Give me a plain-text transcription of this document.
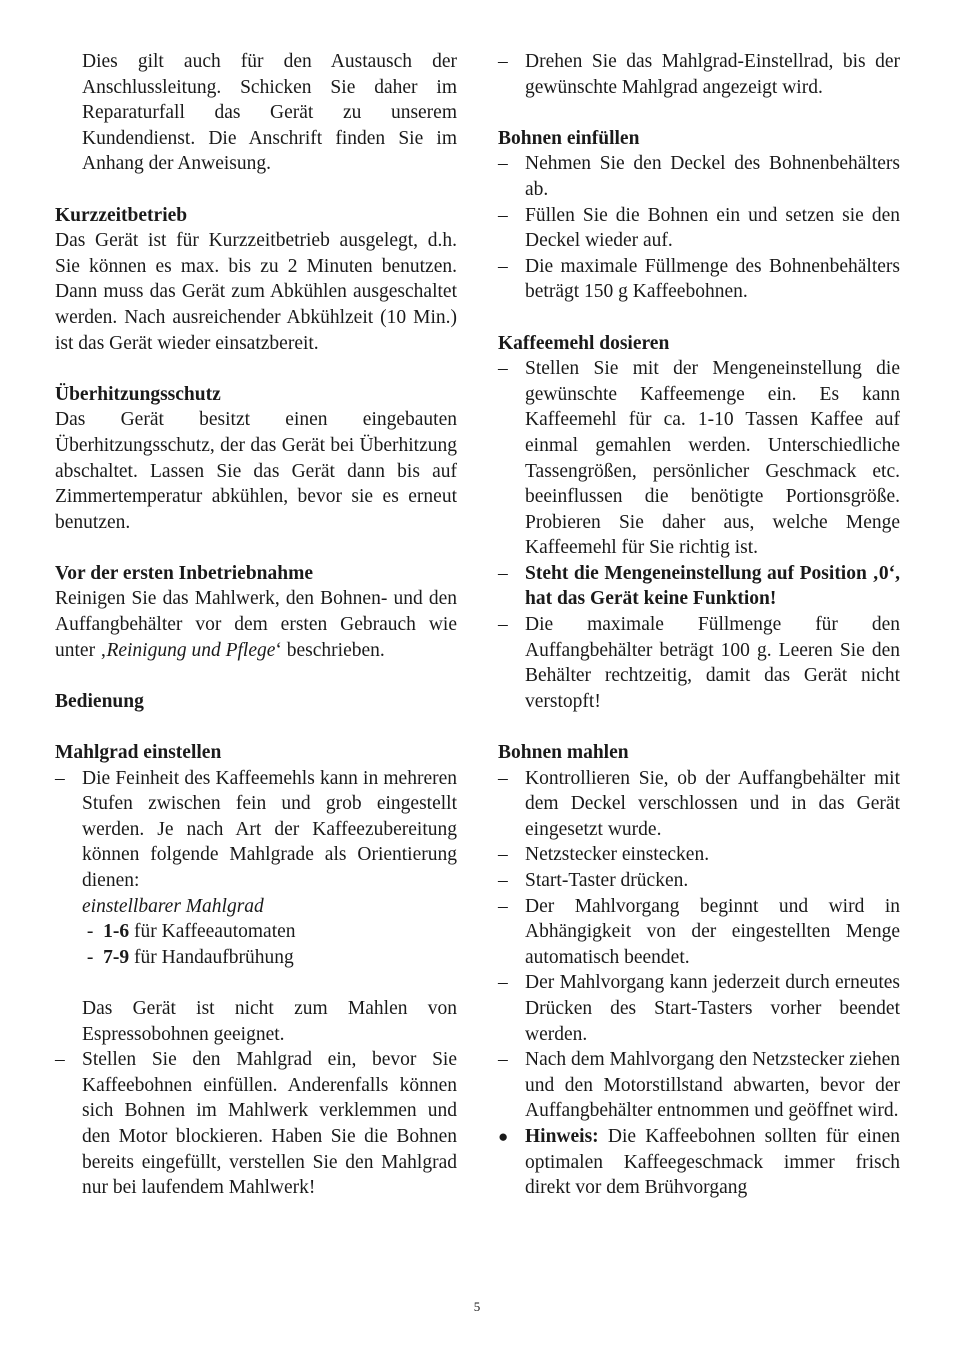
Dies gilt auch für den Austausch der Anschlussleitung. Schicken Sie daher im Reparaturfall das Gerät zu unserem Kundendienst. Die Anschrift finden Sie im Anhang der Anweisung.

Kurzzeitbetrieb

Das Gerät ist für Kurzzeitbetrieb ausgelegt, d.h. Sie können es max. bis zu 2 Minuten benutzen. Dann muss das Gerät zum Abkühlen ausgeschaltet werden. Nach ausreichender Abkühlzeit (10 Min.) ist das Gerät wieder einsatzbereit.

Überhitzungsschutz

Das Gerät besitzt einen eingebauten Überhitzungsschutz, der das Gerät bei Überhitzung abschaltet. Lassen Sie das Gerät dann bis auf Zimmertemperatur abkühlen, bevor sie es erneut benutzen.

Vor der ersten Inbetriebnahme

Reinigen Sie das Mahlwerk, den Bohnen- und den Auffangbehälter vor dem ersten Gebrauch wie unter ‚Reinigung und Pflege‘ beschrieben.

Bedienung
Mahlgrad einstellen
– Die Feinheit des Kaffeemehls kann in mehreren Stufen zwischen fein und grob eingestellt werden. Je nach Art der Kaffeezubereitung können folgende Mahlgrade als Orientierung dienen:
einstellbarer Mahlgrad
- 1-6 für Kaffeeautomaten
- 7-9 für Handaufbrühung
Das Gerät ist nicht zum Mahlen von Espressobohnen geeignet.
– Stellen Sie den Mahlgrad ein, bevor Sie Kaffeebohnen einfüllen. Anderenfalls können sich Bohnen im Mahlwerk verklemmen und den Motor blockieren. Haben Sie die Bohnen bereits eingefüllt, verstellen Sie den Mahlgrad nur bei laufendem Mahlwerk!
– Drehen Sie das Mahlgrad-Einstellrad, bis der gewünschte Mahlgrad angezeigt wird.
Bohnen einfüllen
– Nehmen Sie den Deckel des Bohnenbehälters ab.
– Füllen Sie die Bohnen ein und setzen sie den Deckel wieder auf.
– Die maximale Füllmenge des Bohnenbehälters beträgt 150 g Kaffeebohnen.
Kaffeemehl dosieren
– Stellen Sie mit der Mengeneinstellung die gewünschte Kaffeemenge ein. Es kann Kaffeemehl für ca. 1-10 Tassen Kaffee auf einmal gemahlen werden. Unterschiedliche Tassengrößen, persönlicher Geschmack etc. beeinflussen die benötigte Portionsgröße. Probieren Sie daher aus, welche Menge Kaffeemehl für Sie richtig ist.
– Steht die Mengeneinstellung auf Position ‚0‘, hat das Gerät keine Funktion!
– Die maximale Füllmenge für den Auffangbehälter beträgt 100 g. Leeren Sie den Behälter rechtzeitig, damit das Gerät nicht verstopft!
Bohnen mahlen
– Kontrollieren Sie, ob der Auffangbehälter mit dem Deckel verschlossen und in das Gerät eingesetzt wurde.
– Netzstecker einstecken.
– Start-Taster drücken.
– Der Mahlvorgang beginnt und wird in Abhängigkeit von der eingestellten Menge automatisch beendet.
– Der Mahlvorgang kann jederzeit durch erneutes Drücken des Start-Tasters vorher beendet werden.
– Nach dem Mahlvorgang den Netzstecker ziehen und den Motorstillstand abwarten, bevor der Auffangbehälter entnommen und geöffnet wird.
● Hinweis: Die Kaffeebohnen sollten für einen optimalen Kaffeegeschmack immer frisch direkt vor dem Brühvorgang
5
